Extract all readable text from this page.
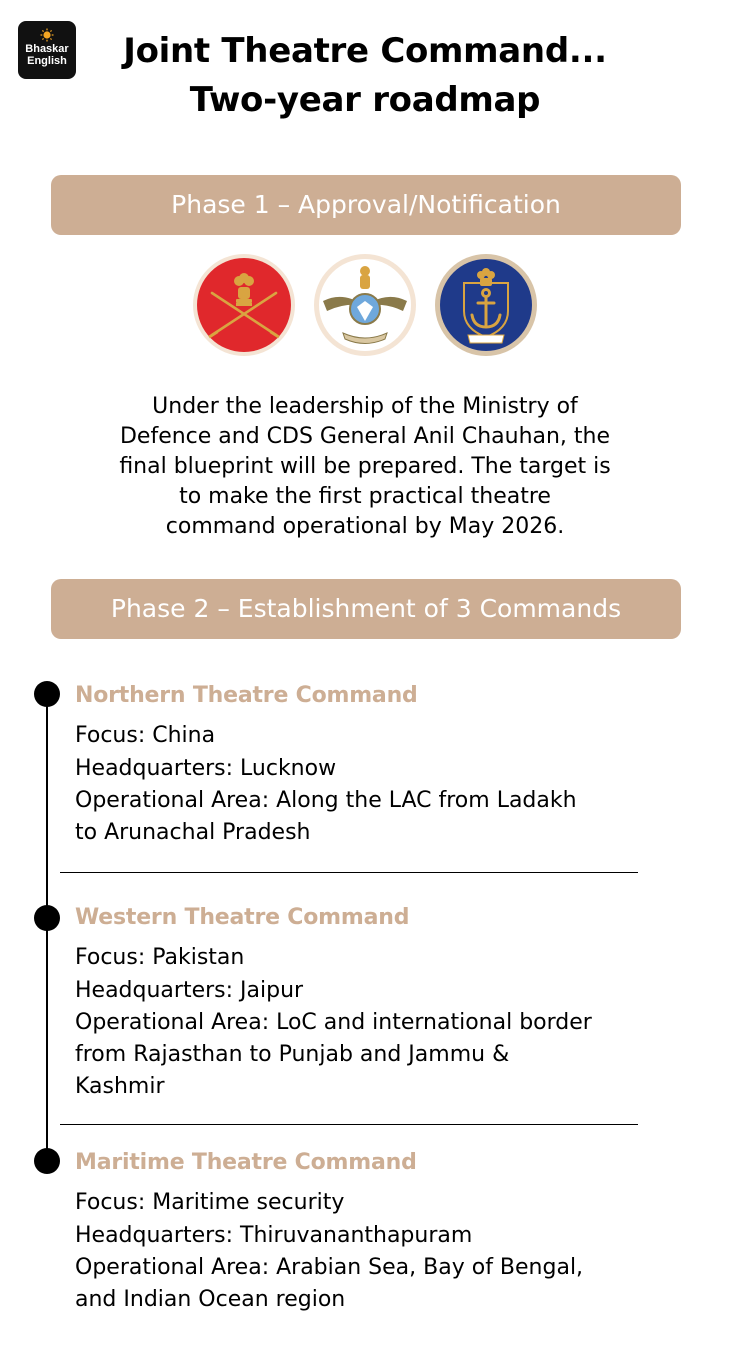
Bhaskar
English	Joint Theatre Command...
Two-year roadmap
Phase 1 – Approval/Notification
Under the leadership of the Ministry of
Defence and CDS General Anil Chauhan, the
final blueprint will be prepared. The target is
to make the first practical theatre
command operational by May 2026.
Phase 2 – Establishment of 3 Commands
Northern Theatre Command
Focus: China
Headquarters: Lucknow
Operational Area: Along the LAC from Ladakh
to Arunachal Pradesh
Western Theatre Command
Focus: Pakistan
Headquarters: Jaipur
Operational Area: LoC and international border
from Rajasthan to Punjab and Jammu &
Kashmir
Maritime Theatre Command
Focus: Maritime security
Headquarters: Thiruvananthapuram
Operational Area: Arabian Sea, Bay of Bengal,
and Indian Ocean region
